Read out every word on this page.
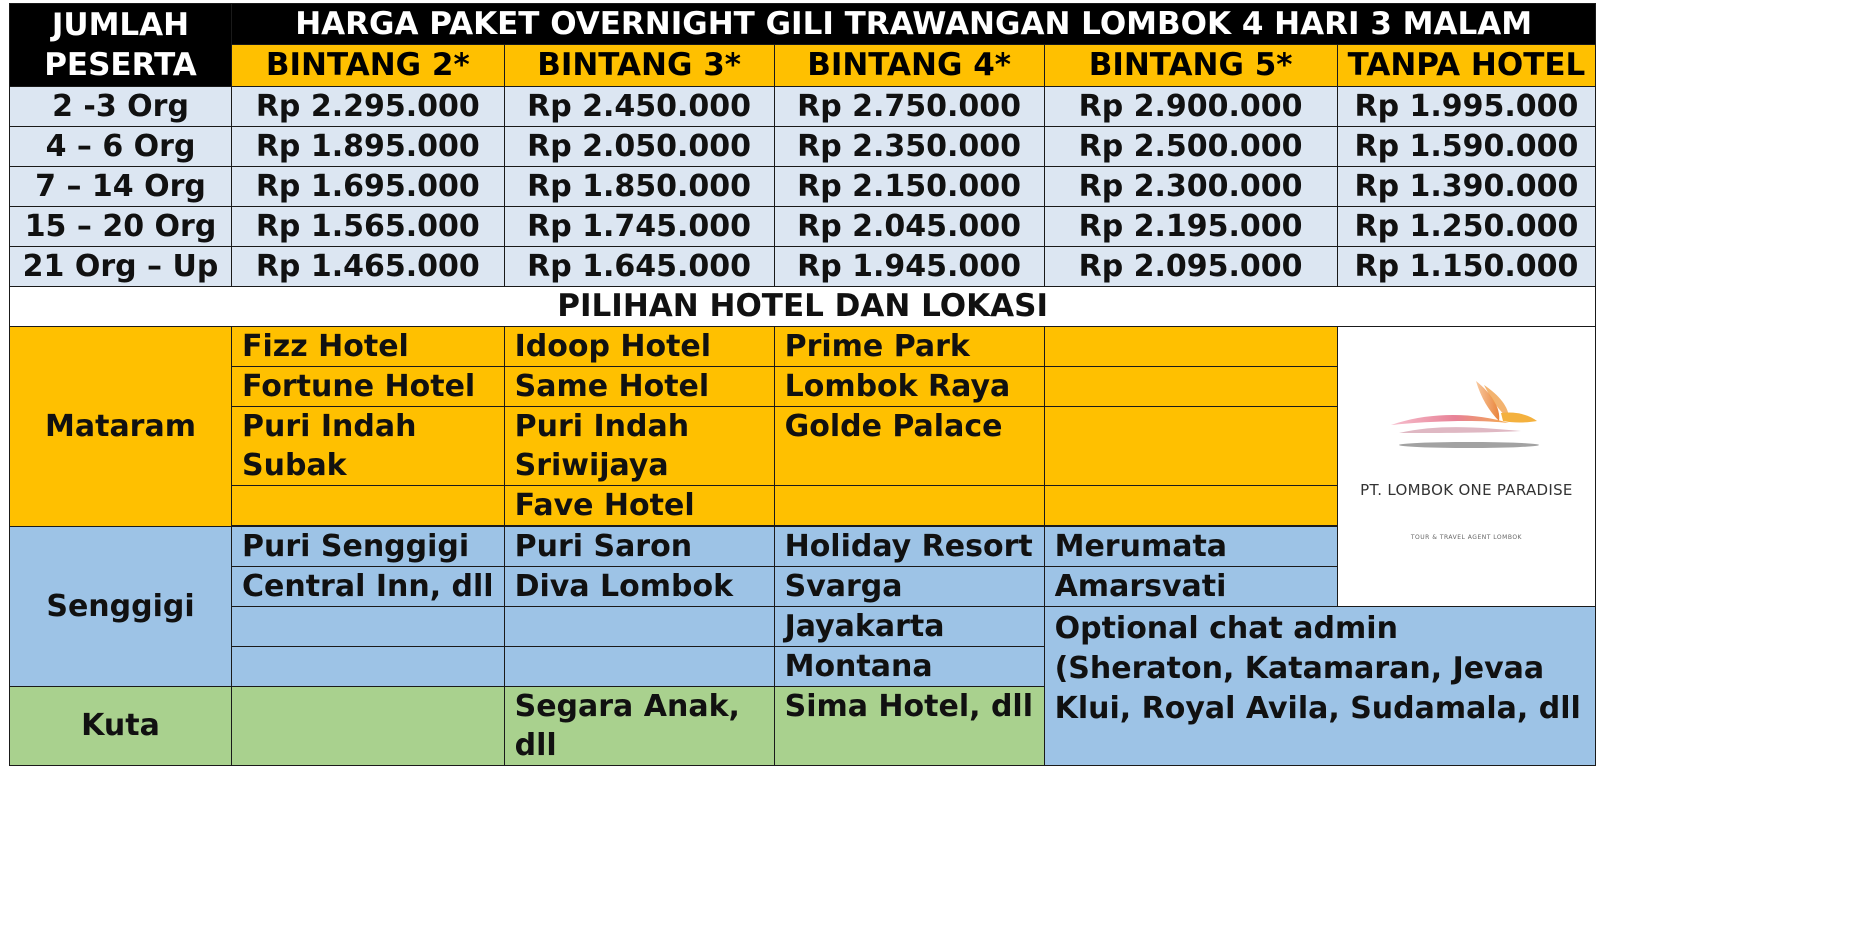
JUMLAH PESERTA	HARGA PAKET OVERNIGHT GILI TRAWANGAN LOMBOK 4 HARI 3 MALAM				
	BINTANG 2*	BINTANG 3*	BINTANG 4*	BINTANG 5*	TANPA HOTEL
2 -3 Org	Rp 2.295.000	Rp 2.450.000	Rp 2.750.000	Rp 2.900.000	Rp 1.995.000
4 – 6 Org	Rp 1.895.000	Rp 2.050.000	Rp 2.350.000	Rp 2.500.000	Rp 1.590.000
7 – 14 Org	Rp 1.695.000	Rp 1.850.000	Rp 2.150.000	Rp 2.300.000	Rp 1.390.000
15 – 20 Org	Rp 1.565.000	Rp 1.745.000	Rp 2.045.000	Rp 2.195.000	Rp 1.250.000
21 Org – Up	Rp 1.465.000	Rp 1.645.000	Rp 1.945.000	Rp 2.095.000	Rp 1.150.000
PILIHAN HOTEL DAN LOKASI					
Mataram	Fizz Hotel	Idoop Hotel	Prime Park		PT. LOMBOK ONE PARADISE
TOUR & TRAVEL AGENT LOMBOK

	Fortune Hotel	Same Hotel	Lombok Raya		
	Puri Indah Subak	Puri Indah Sriwijaya	Golde Palace		
		Fave Hotel			

Senggigi	Puri Senggigi	Puri Saron	Holiday Resort	Merumata	
	Central Inn, dll	Diva Lombok	Svarga	Amarsvati	
			Jayakarta	Optional chat admin (Sheraton, Katamaran, Jevaa Klui, Royal Avila, Sudamala, dll	
			Montana		
Kuta		Segara Anak, dll	Sima Hotel, dll		
